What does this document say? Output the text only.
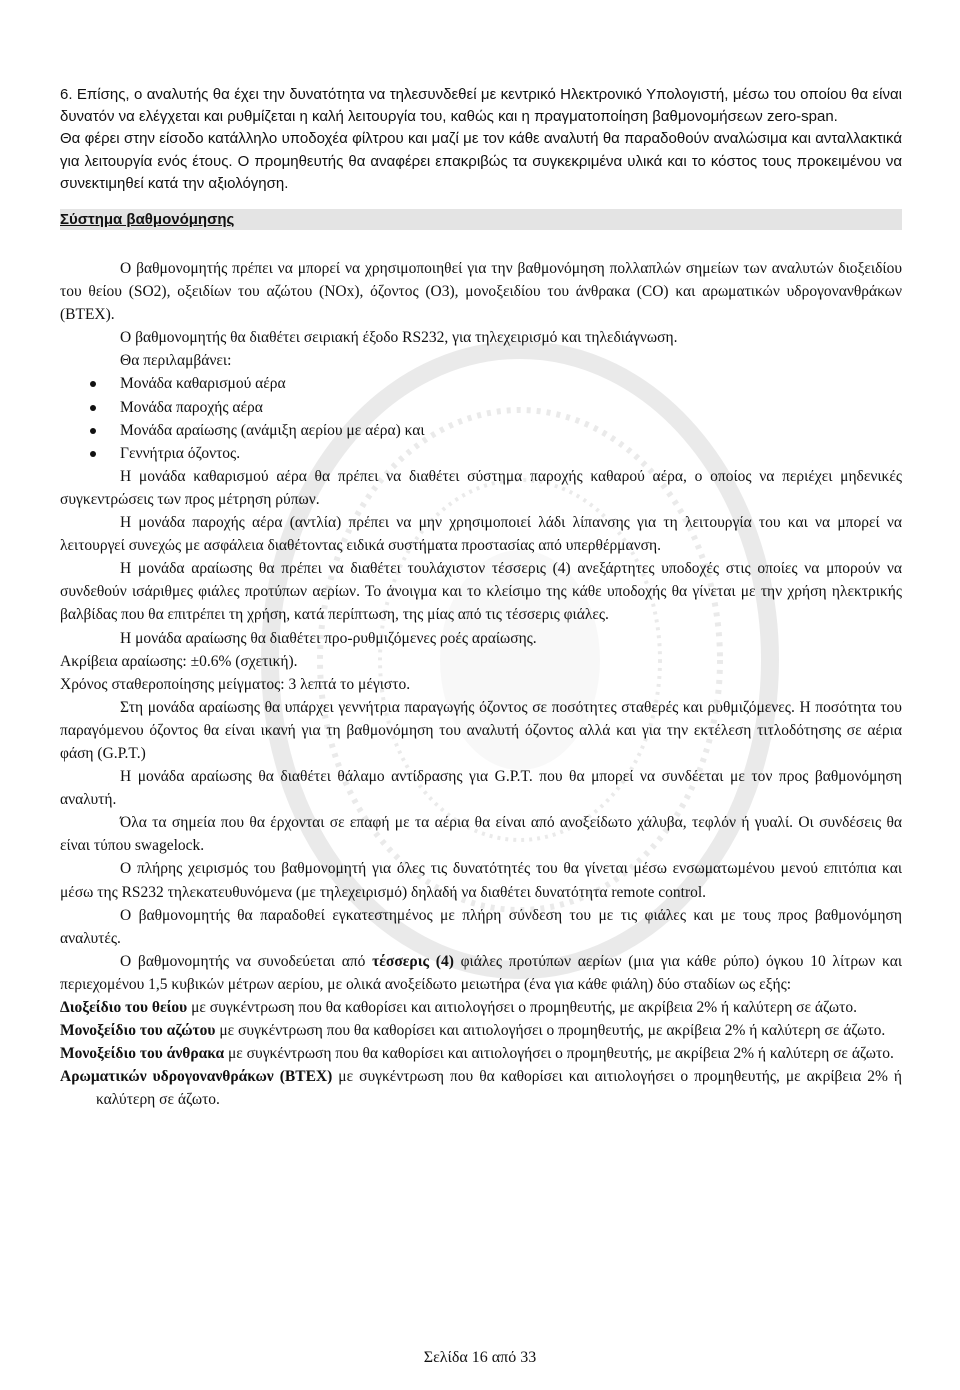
6. Επίσης, ο αναλυτής θα έχει την δυνατότητα να τηλεσυνδεθεί με κεντρικό Ηλεκτρονικό Υπολογιστή, μέσω του οποίου θα είναι δυνατόν να ελέγχεται και ρυθμίζεται η καλή λειτουργία του, καθώς και η πραγματοποίηση βαθμονομήσεων zero-span.

Θα φέρει στην είσοδο κατάλληλο υποδοχέα φίλτρου και μαζί με τον κάθε αναλυτή θα παραδοθούν αναλώσιμα και ανταλλακτικά για λειτουργία ενός έτους. Ο προμηθευτής θα αναφέρει επακριβώς τα συγκεκριμένα υλικά και το κόστος τους προκειμένου να συνεκτιμηθεί κατά την αξιολόγηση.

Σύστημα βαθμονόμησης

Ο βαθμονομητής πρέπει να μπορεί να χρησιμοποιηθεί για την βαθμονόμηση πολλαπλών σημείων των αναλυτών διοξειδίου του θείου (SO2), οξειδίων του αζώτου (NOx), όζοντος (O3), μονοξειδίου του άνθρακα (CO) και αρωματικών υδρογονανθράκων (BTEX).

Ο βαθμονομητής θα διαθέτει σειριακή έξοδο RS232, για τηλεχειρισμό και τηλεδιάγνωση.

Θα περιλαμβάνει:

Μονάδα καθαρισμού αέρα
Μονάδα παροχής αέρα
Μονάδα αραίωσης (ανάμιξη αερίου με αέρα) και
Γεννήτρια όζοντος.

Η μονάδα καθαρισμού αέρα θα πρέπει να διαθέτει σύστημα παροχής καθαρού αέρα, ο οποίος να περιέχει μηδενικές συγκεντρώσεις των προς μέτρηση ρύπων.

Η μονάδα παροχής αέρα (αντλία) πρέπει να μην χρησιμοποιεί λάδι λίπανσης για τη λειτουργία του και να μπορεί να λειτουργεί συνεχώς με ασφάλεια διαθέτοντας ειδικά συστήματα προστασίας από υπερθέρμανση.

Η μονάδα αραίωσης θα πρέπει να διαθέτει τουλάχιστον τέσσερις (4) ανεξάρτητες υποδοχές στις οποίες να μπορούν να συνδεθούν ισάριθμες φιάλες προτύπων αερίων. Το άνοιγμα και το κλείσιμο της κάθε υποδοχής θα γίνεται με την χρήση ηλεκτρικής βαλβίδας που θα επιτρέπει τη χρήση, κατά περίπτωση, της μίας από τις τέσσερις φιάλες.

Η μονάδα αραίωσης θα διαθέτει προ-ρυθμιζόμενες ροές αραίωσης.

Ακρίβεια αραίωσης: ±0.6% (σχετική).

Χρόνος σταθεροποίησης μείγματος: 3 λεπτά το μέγιστο.

Στη μονάδα αραίωσης θα υπάρχει γεννήτρια παραγωγής όζοντος σε ποσότητες σταθερές και ρυθμιζόμενες. Η ποσότητα του παραγόμενου όζοντος θα είναι ικανή για τη βαθμονόμηση του αναλυτή όζοντος αλλά και για την εκτέλεση τιτλοδότησης σε αέρια φάση (G.P.T.)

Η μονάδα αραίωσης θα διαθέτει θάλαμο αντίδρασης για G.P.T. που θα μπορεί να συνδέεται με τον προς βαθμονόμηση αναλυτή.

Όλα τα σημεία που θα έρχονται σε επαφή με τα αέρια θα είναι από ανοξείδωτο χάλυβα, τεφλόν ή γυαλί. Οι συνδέσεις θα είναι τύπου swagelock.

Ο πλήρης χειρισμός του βαθμονομητή για όλες τις δυνατότητές του θα γίνεται μέσω ενσωματωμένου μενού επιτόπια και μέσω της RS232 τηλεκατευθυνόμενα (με τηλεχειρισμό) δηλαδή να διαθέτει δυνατότητα remote control.

Ο βαθμονομητής θα παραδοθεί εγκατεστημένος με πλήρη σύνδεση του με τις φιάλες και με τους προς βαθμονόμηση αναλυτές.

Ο βαθμονομητής να συνοδεύεται από τέσσερις (4) φιάλες προτύπων αερίων (μια για κάθε ρύπο) όγκου 10 λίτρων και περιεχομένου 1,5 κυβικών μέτρων αερίου, με ολικά ανοξείδωτο μειωτήρα (ένα για κάθε φιάλη) δύο σταδίων ως εξής:

Διοξείδιο του θείου με συγκέντρωση που θα καθορίσει και αιτιολογήσει ο προμηθευτής, με ακρίβεια 2% ή καλύτερη σε άζωτο.

Μονοξείδιο του αζώτου με συγκέντρωση που θα καθορίσει και αιτιολογήσει ο προμηθευτής, με ακρίβεια 2% ή καλύτερη σε άζωτο.

Μονοξείδιο του άνθρακα με συγκέντρωση που θα καθορίσει και αιτιολογήσει ο προμηθευτής, με ακρίβεια 2% ή καλύτερη σε άζωτο.

Αρωματικών υδρογονανθράκων (BTEX) με συγκέντρωση που θα καθορίσει και αιτιολογήσει ο προμηθευτής, με ακρίβεια 2% ή καλύτερη σε άζωτο.

Σελίδα 16 από 33
